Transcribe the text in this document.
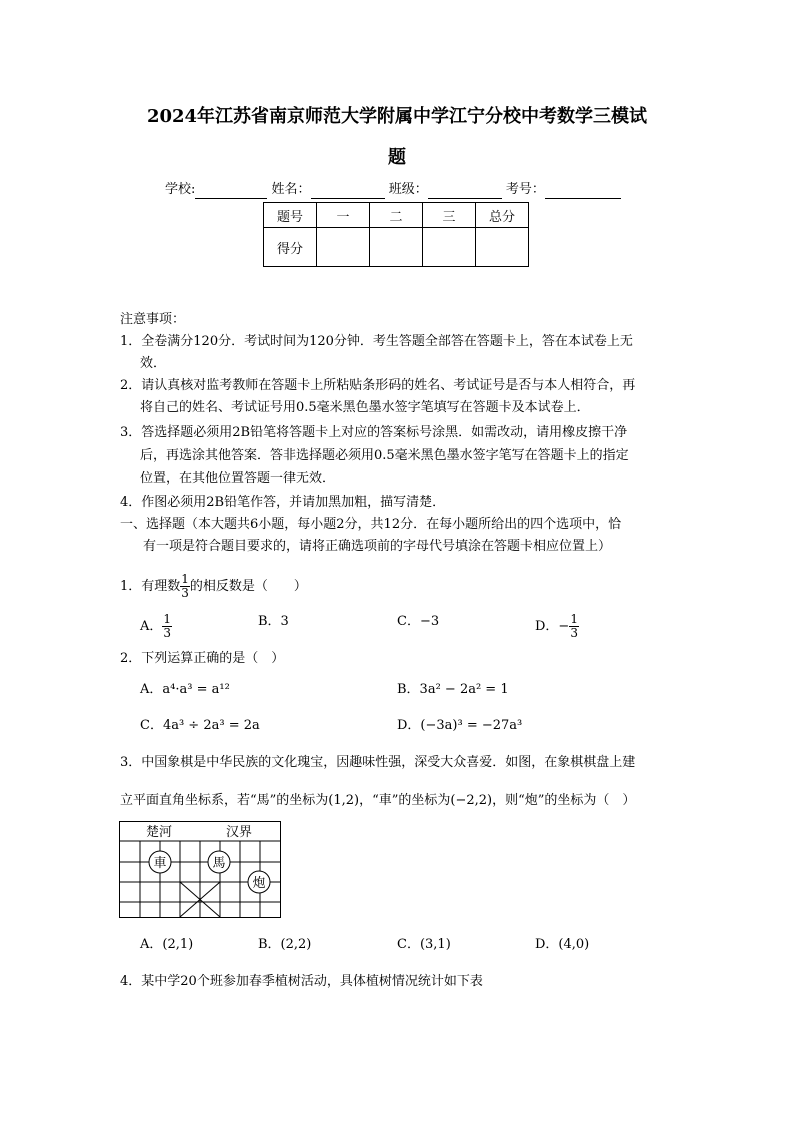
2024年江苏省南京师范大学附属中学江宁分校中考数学三模试
题
学校:	姓名：	班级：	考号：
题号	一	二	三	总分
得分				
注意事项：
1．全卷满分120分．考试时间为120分钟．考生答题全部答在答题卡上，答在本试卷上无
效．
2．请认真核对监考教师在答题卡上所粘贴条形码的姓名、考试证号是否与本人相符合，再
将自己的姓名、考试证号用0.5毫米黑色墨水签字笔填写在答题卡及本试卷上．
3．答选择题必须用2B铅笔将答题卡上对应的答案标号涂黑．如需改动，请用橡皮擦干净
后，再选涂其他答案．答非选择题必须用0.5毫米黑色墨水签字笔写在答题卡上的指定
位置，在其他位置答题一律无效．
4．作图必须用2B铅笔作答，并请加黑加粗，描写清楚．
一、选择题（本大题共6小题，每小题2分，共12分．在每小题所给出的四个选项中，恰
有一项是符合题目要求的，请将正确选项前的字母代号填涂在答题卡相应位置上）
1．有理数 $\frac{1}{3}$ 的相反数是（　　）
A． $\frac{1}{3}$	B．3	C．−3	D．− $\frac{1}{3}$
2．下列运算正确的是（　）
A．a⁴·a³ = a¹²	B．3a² − 2a² = 1
C．4a³ ÷ 2a³ = 2a	D．(−3a)³ = −27a³
3．中国象棋是中华民族的文化瑰宝，因趣味性强，深受大众喜爱．如图，在象棋棋盘上建
立平面直角坐标系，若“馬”的坐标为(1,2)，“車”的坐标为(−2,2)，则“炮”的坐标为（　）
楚河	汉界
車	馬
炮
A．(2,1)	B．(2,2)	C．(3,1)	D．(4,0)
4．某中学20个班参加春季植树活动，具体植树情况统计如下表
